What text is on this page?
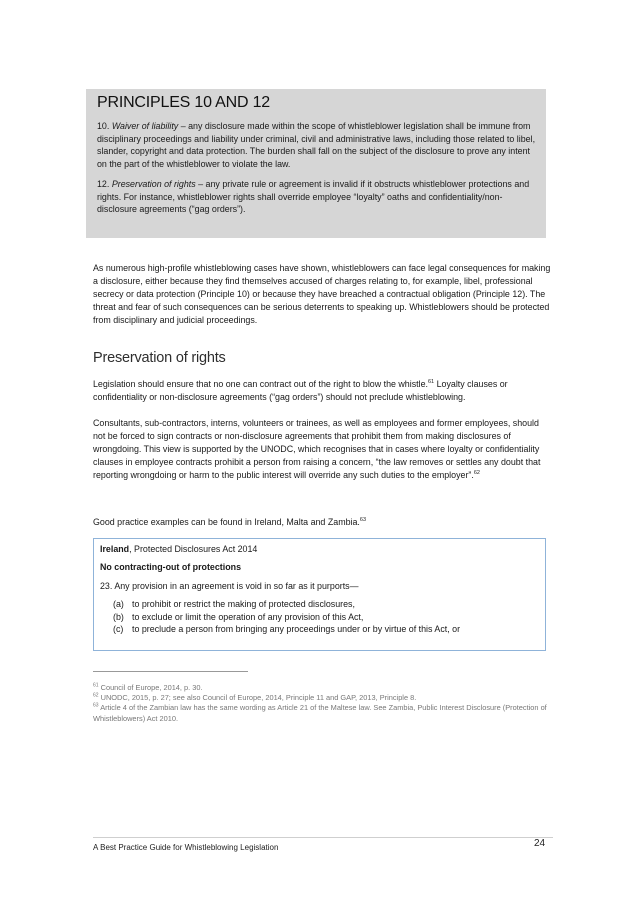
PRINCIPLES 10 AND 12

10. Waiver of liability – any disclosure made within the scope of whistleblower legislation shall be immune from disciplinary proceedings and liability under criminal, civil and administrative laws, including those related to libel, slander, copyright and data protection. The burden shall fall on the subject of the disclosure to prove any intent on the part of the whistleblower to violate the law.

12. Preservation of rights – any private rule or agreement is invalid if it obstructs whistleblower protections and rights. For instance, whistleblower rights shall override employee “loyalty” oaths and confidentiality/non-disclosure agreements (“gag orders”).

As numerous high-profile whistleblowing cases have shown, whistleblowers can face legal consequences for making a disclosure, either because they find themselves accused of charges relating to, for example, libel, professional secrecy or data protection (Principle 10) or because they have breached a contractual obligation (Principle 12). The threat and fear of such consequences can be serious deterrents to speaking up. Whistleblowers should be protected from disciplinary and judicial proceedings.

Preservation of rights

Legislation should ensure that no one can contract out of the right to blow the whistle.$^{61}$ Loyalty clauses or confidentiality or non-disclosure agreements (“gag orders”) should not preclude whistleblowing.

Consultants, sub-contractors, interns, volunteers or trainees, as well as employees and former employees, should not be forced to sign contracts or non-disclosure agreements that prohibit them from making disclosures of wrongdoing. This view is supported by the UNODC, which recognises that in cases where loyalty or confidentiality clauses in employee contracts prohibit a person from raising a concern, “the law removes or settles any doubt that reporting wrongdoing or harm to the public interest will override any such duties to the employer”.$^{62}$

Good practice examples can be found in Ireland, Malta and Zambia.$^{63}$

Ireland, Protected Disclosures Act 2014

No contracting-out of protections

23. Any provision in an agreement is void in so far as it purports—

(a) to prohibit or restrict the making of protected disclosures,
(b) to exclude or limit the operation of any provision of this Act,
(c) to preclude a person from bringing any proceedings under or by virtue of this Act, or

$^{61}$ Council of Europe, 2014, p. 30.

$^{62}$ UNODC, 2015, p. 27; see also Council of Europe, 2014, Principle 11 and GAP, 2013, Principle 8.

$^{63}$ Article 4 of the Zambian law has the same wording as Article 21 of the Maltese law. See Zambia, Public Interest Disclosure (Protection of Whistleblowers) Act 2010.

A Best Practice Guide for Whistleblowing Legislation	24
